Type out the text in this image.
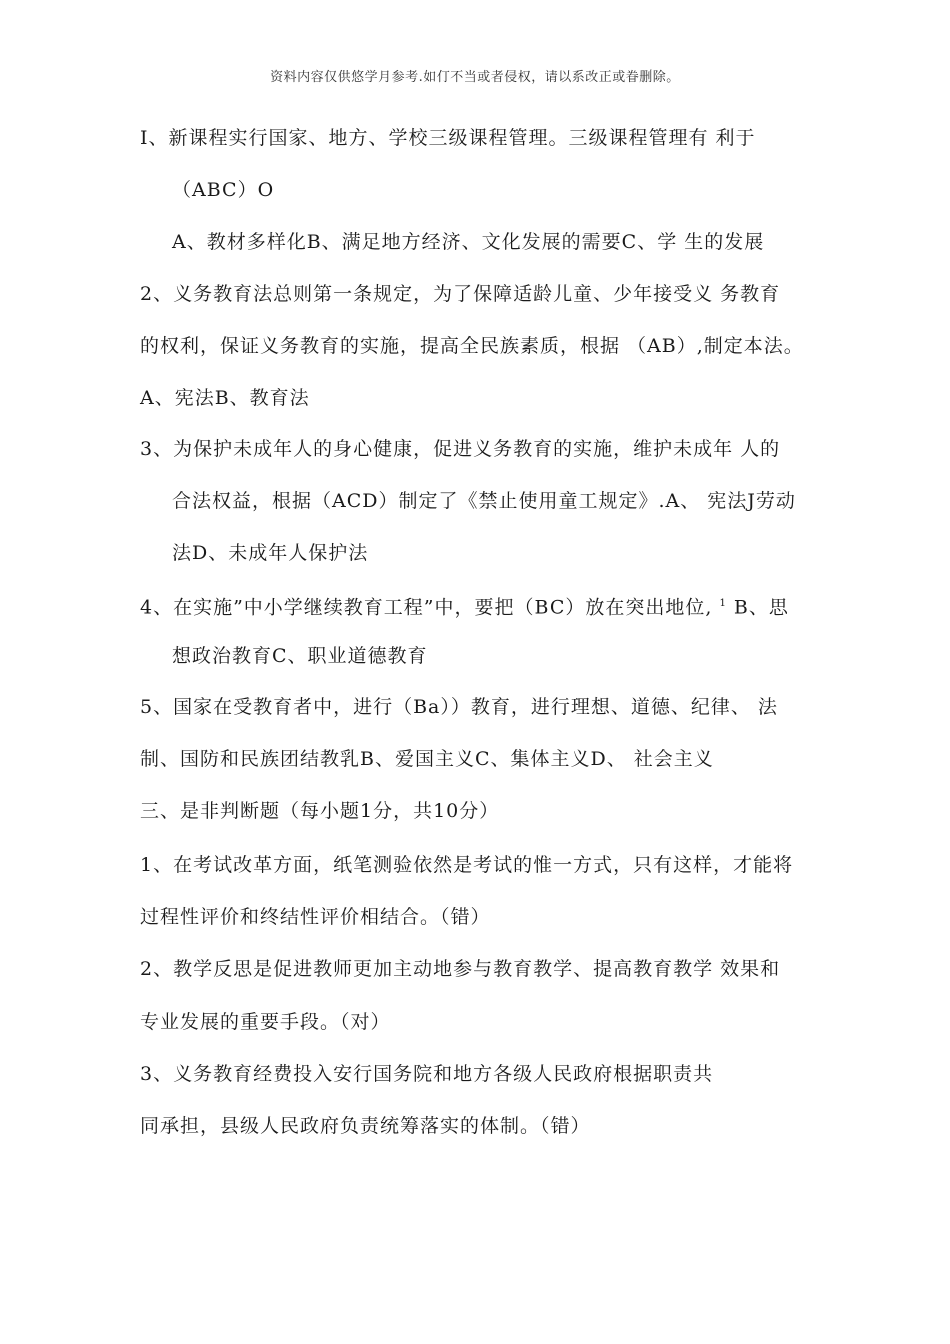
资料内容仅供悠学月参考.如仃不当或者侵权，请以系改正或眷删除。
I、新课程实行国家、地方、学校三级课程管理。三级课程管理有 利于
（ABC）O
A、教材多样化B、满足地方经济、文化发展的需要C、学 生的发展
2、义务教育法总则第一条规定，为了保障适龄儿童、少年接受义 务教育
的权利，保证义务教育的实施，提高全民族素质，根据 （AB）,制定本法。
A、宪法B、教育法
3、为保护未成年人的身心健康，促进义务教育的实施，维护未成年 人的
合法权益，根据（ACD）制定了《禁止使用童工规定》.A、 宪法J劳动
法D、未成年人保护法
4、在实施”中小学继续教育工程”中，要把（BC）放在突出地位, $^1$ B、思
想政治教育C、职业道德教育
5、国家在受教育者中，进行（Ba））教育，进行理想、道德、纪律、 法
制、国防和民族团结教乳B、爱国主义C、集体主义D、 社会主义
三、是非判断题（每小题1分，共10分）
1、在考试改革方面，纸笔测验依然是考试的惟一方式，只有这样，才能将
过程性评价和终结性评价相结合。（错）
2、教学反思是促进教师更加主动地参与教育教学、提高教育教学 效果和
专业发展的重要手段。（对）
3、义务教育经费投入安行国务院和地方各级人民政府根据职责共
同承担，县级人民政府负责统筹落实的体制。（错）
